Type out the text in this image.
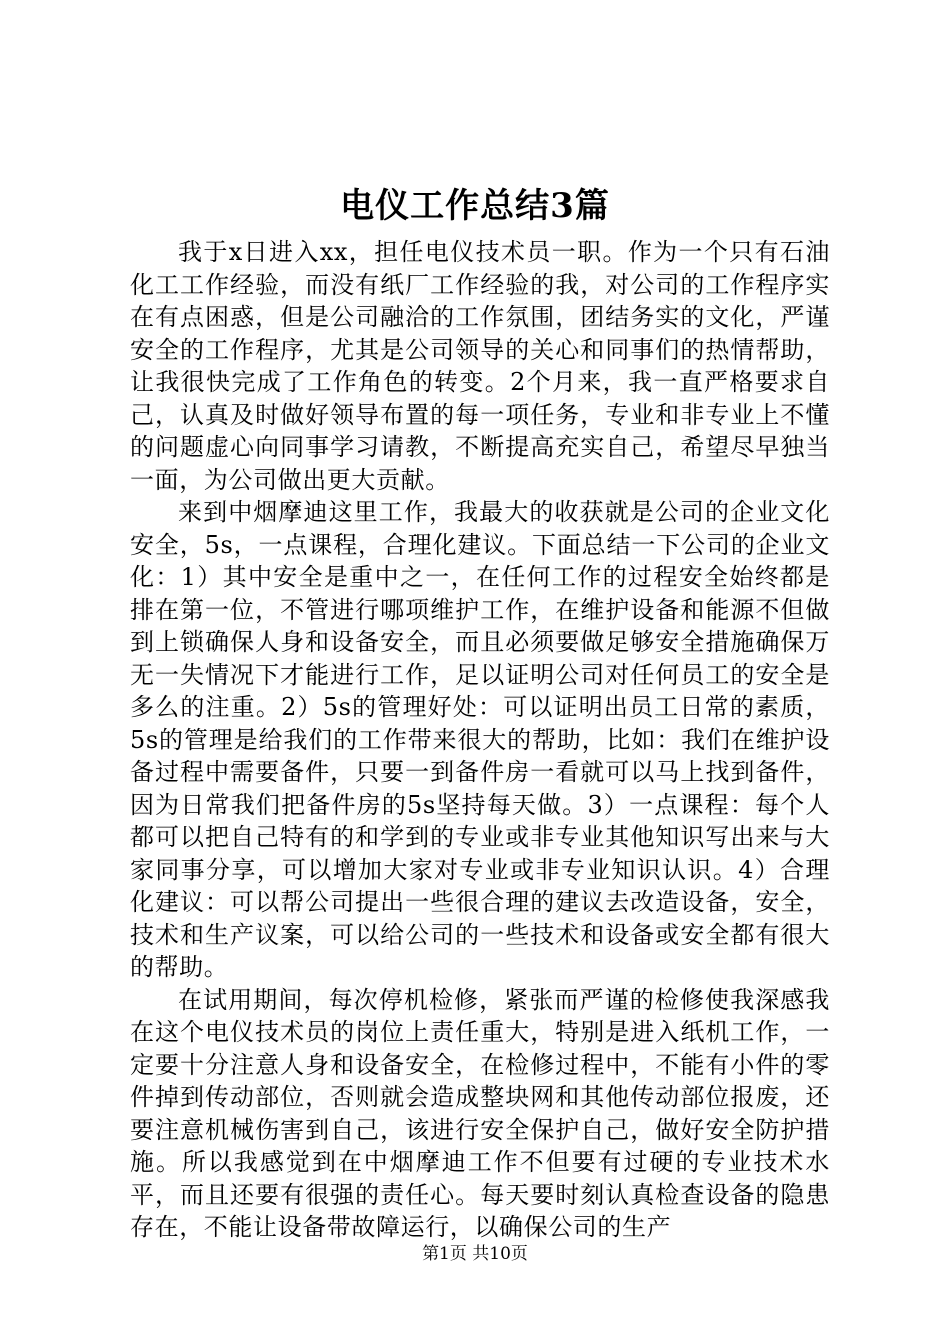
电仪工作总结3篇

我于x日进入xx，担任电仪技术员一职。作为一个只有石油化工工作经验，而没有纸厂工作经验的我，对公司的工作程序实在有点困惑，但是公司融洽的工作氛围，团结务实的文化，严谨安全的工作程序，尤其是公司领导的关心和同事们的热情帮助，让我很快完成了工作角色的转变。2个月来，我一直严格要求自己，认真及时做好领导布置的每一项任务，专业和非专业上不懂的问题虚心向同事学习请教，不断提高充实自己，希望尽早独当一面，为公司做出更大贡献。

来到中烟摩迪这里工作，我最大的收获就是公司的企业文化安全，5s，一点课程，合理化建议。下面总结一下公司的企业文化：1）其中安全是重中之一，在任何工作的过程安全始终都是排在第一位，不管进行哪项维护工作，在维护设备和能源不但做到上锁确保人身和设备安全，而且必须要做足够安全措施确保万无一失情况下才能进行工作，足以证明公司对任何员工的安全是多么的注重。2）5s的管理好处：可以证明出员工日常的素质，5s的管理是给我们的工作带来很大的帮助，比如：我们在维护设备过程中需要备件，只要一到备件房一看就可以马上找到备件，因为日常我们把备件房的5s坚持每天做。3）一点课程：每个人都可以把自己特有的和学到的专业或非专业其他知识写出来与大家同事分享，可以增加大家对专业或非专业知识认识。4）合理化建议：可以帮公司提出一些很合理的建议去改造设备，安全，技术和生产议案，可以给公司的一些技术和设备或安全都有很大的帮助。

在试用期间，每次停机检修，紧张而严谨的检修使我深感我在这个电仪技术员的岗位上责任重大，特别是进入纸机工作，一定要十分注意人身和设备安全，在检修过程中，不能有小件的零件掉到传动部位，否则就会造成整块网和其他传动部位报废，还要注意机械伤害到自己，该进行安全保护自己，做好安全防护措施。所以我感觉到在中烟摩迪工作不但要有过硬的专业技术水平，而且还要有很强的责任心。每天要时刻认真检查设备的隐患存在，不能让设备带故障运行，以确保公司的生产

第1页 共10页
